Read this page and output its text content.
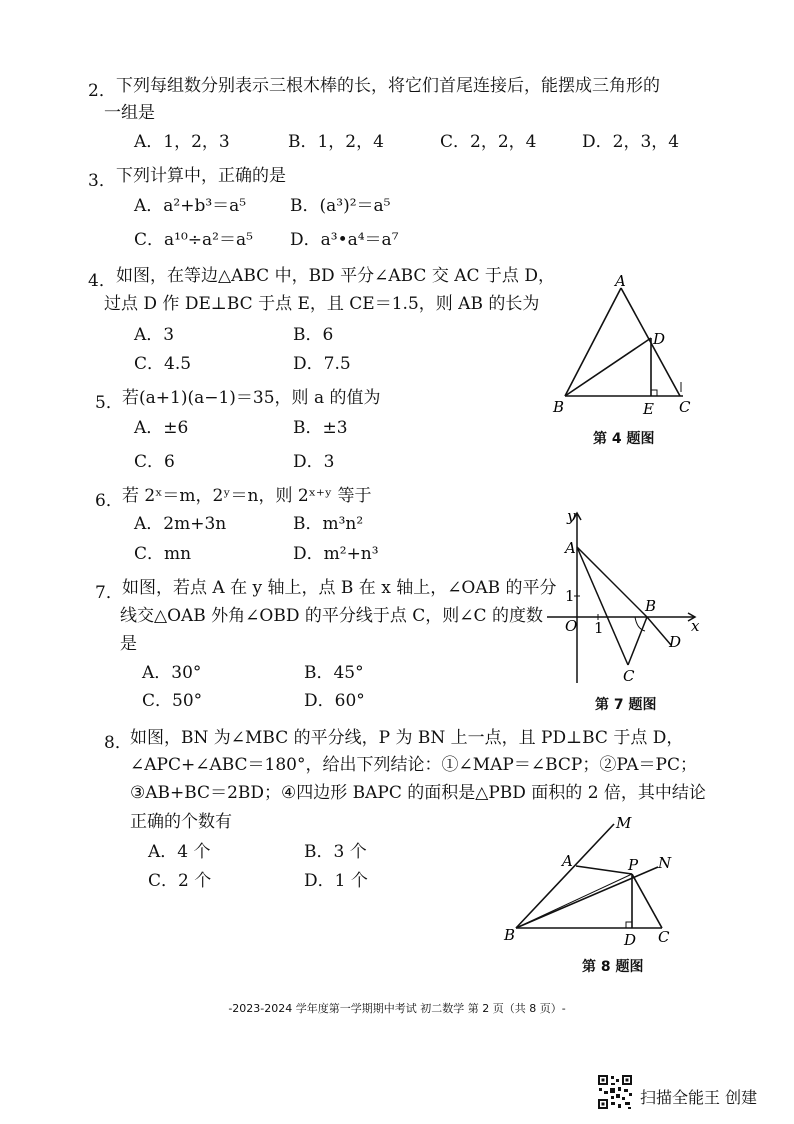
2． 下列每组数分别表示三根木棒的长，将它们首尾连接后，能摆成三角形的
一组是
A．1，2，3	B．1，2，4	C．2，2，4	D．2，3，4
3． 下列计算中，正确的是
A．a²+b³＝a⁵	B．(a³)²＝a⁵
C．a¹⁰÷a²＝a⁵ D．a³•a⁴＝a⁷
4． 如图，在等边△ABC 中，BD 平分∠ABC 交 AC 于点 D，
过点 D 作 DE⊥BC 于点 E，且 CE＝1.5，则 AB 的长为
A．3	B．6
C．4.5	D．7.5
5． 若(a+1)(a−1)＝35，则 a 的值为
A．±6	B．±3
C．6	D．3
6． 若 2ˣ＝m，2ʸ＝n，则 2ˣ⁺ʸ 等于
A．2m+3n	B．m³n²
C．mn	D．m²+n³
7． 如图，若点 A 在 y 轴上，点 B 在 x 轴上，∠OAB 的平分
线交△OAB 外角∠OBD 的平分线于点 C，则∠C 的度数
是
A．30°	B．45°
C．50°	D．60°
8．
如图，BN 为∠MBC 的平分线，P 为 BN 上一点，且 PD⊥BC 于点 D，
∠APC+∠ABC＝180°，给出下列结论：①∠MAP＝∠BCP；②PA＝PC；
③AB+BC＝2BD；④四边形 BAPC 的面积是△PBD 面积的 2 倍，其中结论
正确的个数有
A．4 个	B．3 个
C．2 个	D．1 个
A
D
B	E C
第 4 题图
y
A
1
O 1
B
x
D
C
第 7 题图
M
A	P N
B	D C
第 8 题图
-2023-2024 学年度第一学期期中考试 初二数学 第 2 页（共 8 页）-
扫描全能王 创建
